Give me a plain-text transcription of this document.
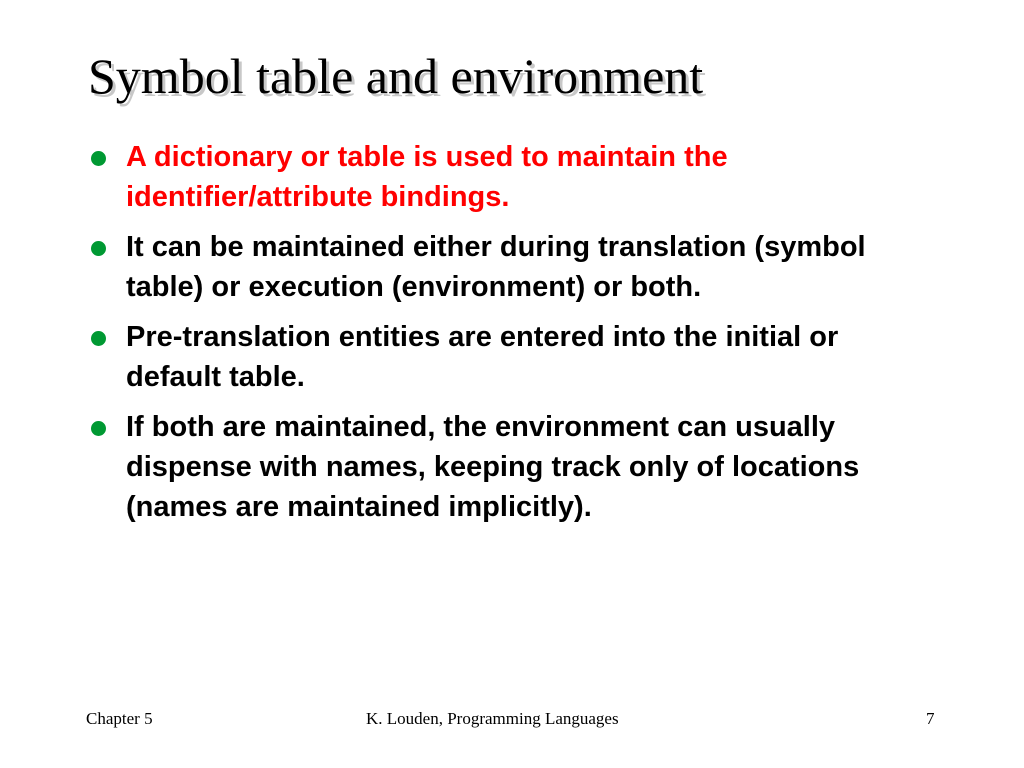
Symbol table and environment
A dictionary or table is used to maintain the identifier/attribute bindings.
It can be maintained either during translation (symbol table) or execution (environment) or both.
Pre-translation entities are entered into the initial or default table.
If both are maintained, the environment can usually dispense with names, keeping track only of locations (names are maintained implicitly).
Chapter 5	K. Louden, Programming Languages	7
